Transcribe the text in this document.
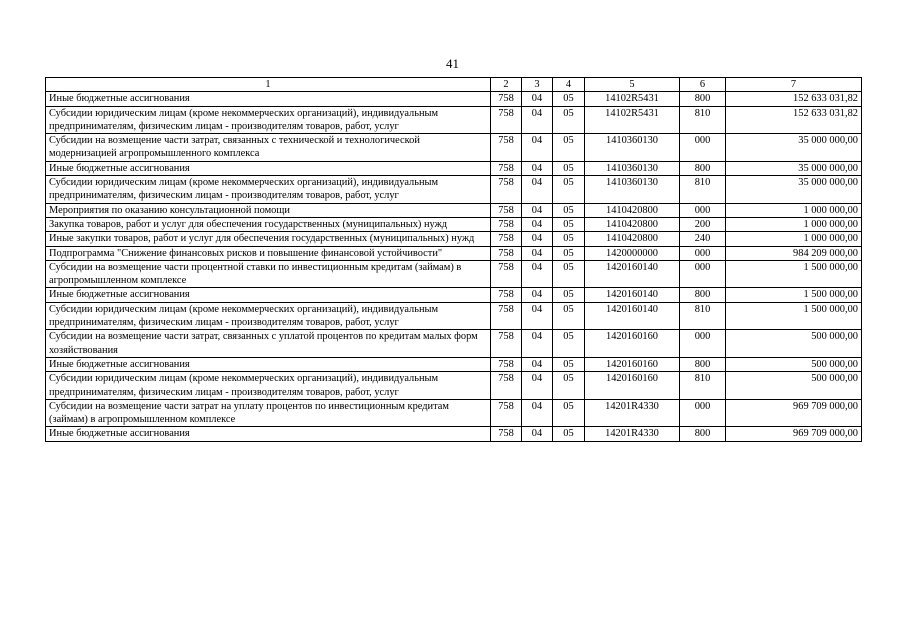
41
1	2	3	4	5	6	7
Иные бюджетные ассигнования	758	04	05	14102R5431	800	152 633 031,82
Субсидии юридическим лицам (кроме некоммерческих организаций), индивидуальным предпринимателям, физическим лицам - производителям товаров, работ, услуг	758	04	05	14102R5431	810	152 633 031,82
Субсидии на возмещение части затрат, связанных с технической и технологической модернизацией агропромышленного комплекса	758	04	05	1410360130	000	35 000 000,00
Иные бюджетные ассигнования	758	04	05	1410360130	800	35 000 000,00
Субсидии юридическим лицам (кроме некоммерческих организаций), индивидуальным предпринимателям, физическим лицам - производителям товаров, работ, услуг	758	04	05	1410360130	810	35 000 000,00
Мероприятия по оказанию консультационной помощи	758	04	05	1410420800	000	1 000 000,00
Закупка товаров, работ и услуг для обеспечения государственных (муниципальных) нужд	758	04	05	1410420800	200	1 000 000,00
Иные закупки товаров, работ и услуг для обеспечения государственных (муниципальных) нужд	758	04	05	1410420800	240	1 000 000,00
Подпрограмма "Снижение финансовых рисков и повышение финансовой устойчивости"	758	04	05	1420000000	000	984 209 000,00
Субсидии на возмещение части процентной ставки по инвестиционным кредитам (займам) в агропромышленном комплексе	758	04	05	1420160140	000	1 500 000,00
Иные бюджетные ассигнования	758	04	05	1420160140	800	1 500 000,00
Субсидии юридическим лицам (кроме некоммерческих организаций), индивидуальным предпринимателям, физическим лицам - производителям товаров, работ, услуг	758	04	05	1420160140	810	1 500 000,00
Субсидии на возмещение части затрат, связанных с уплатой процентов по кредитам малых форм хозяйствования	758	04	05	1420160160	000	500 000,00
Иные бюджетные ассигнования	758	04	05	1420160160	800	500 000,00
Субсидии юридическим лицам (кроме некоммерческих организаций), индивидуальным предпринимателям, физическим лицам - производителям товаров, работ, услуг	758	04	05	1420160160	810	500 000,00
Субсидии на возмещение части затрат на уплату процентов по инвестиционным кредитам (займам) в агропромышленном комплексе	758	04	05	14201R4330	000	969 709 000,00
Иные бюджетные ассигнования	758	04	05	14201R4330	800	969 709 000,00
